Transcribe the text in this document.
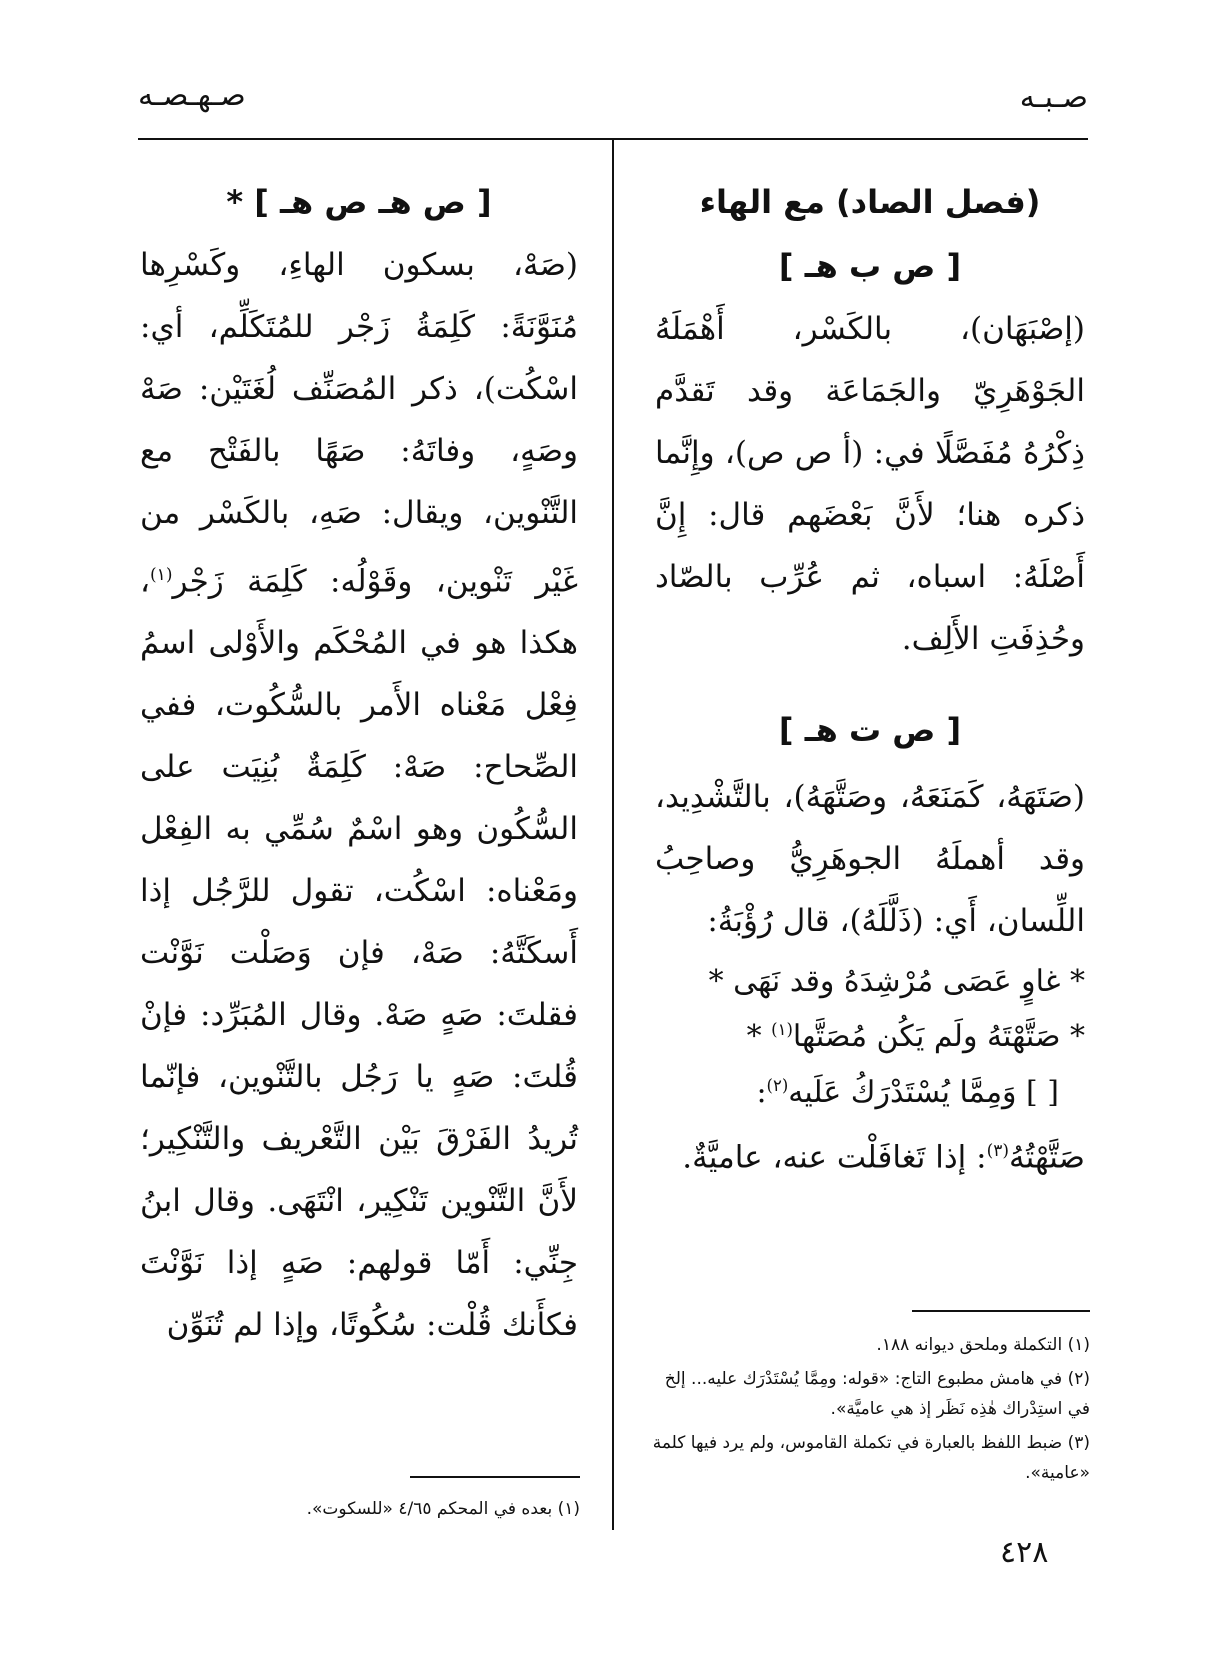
صـبـه
صـهـصـه

(فصل الصاد) مع الهاء

[ ص ب هـ ]

(إصْبَهَان)، بالكَسْر، أَهْمَلَهُ الجَوْهَرِيّ والجَمَاعَة وقد تَقدَّم ذِكْرُهُ مُفَصَّلًا في: (أ ص ص)، وإِنَّما ذكره هنا؛ لأَنَّ بَعْضَهم قال: إِنَّ أَصْلَهُ: اسباه، ثم عُرِّب بالصّاد وحُذِفَتِ الأَلِف.

[ ص ت هـ ]

(صَتَهَهُ، كَمَنَعَهُ، وصَتَّهَهُ)، بالتَّشْدِيد، وقد أهملَهُ الجوهَرِيُّ وصاحِبُ اللِّسان، أَي: (ذَلَّلَهُ)، قال رُؤْبَةُ:

* غاوٍ عَصَى مُرْشِدَهُ وقد نَهَى *

* صَتَّهْتَهُ ولَم يَكُن مُصَتَّها$^{(١)}$ *

[ ] وَمِمَّا يُسْتَدْرَكُ عَلَيه$^{(٢)}$:

صَتَّهْتُهُ$^{(٣)}$: إذا تَغافَلْت عنه، عاميَّةٌ.

(١) التكملة وملحق ديوانه ١٨٨.

(٢) في هامش مطبوع التاج: «قوله: ومِمَّا يُسْتَدْرَك عليه... إلخ في استِدْراك هٰذِه نَظَر إذ هي عاميَّة».

(٣) ضبط اللفظ بالعبارة في تكملة القاموس، ولم يرد فيها كلمة «عامية».

[ ص هـ ص هـ ] *

(صَهْ، بسكون الهاءِ، وكَسْرِها مُنَوَّنَةً: كَلِمَةُ زَجْر للمُتَكَلِّم، أي: اسْكُت)، ذكر المُصَنِّف لُغَتَيْن: صَهْ وصَهٍ، وفاتَهُ: صَهًا بالفَتْح مع التَّنْوين، ويقال: صَهِ، بالكَسْر من غَيْر تَنْوين، وقَوْلُه: كَلِمَة زَجْر$^{(١)}$، هكذا هو في المُحْكَم والأَوْلى اسمُ فِعْل مَعْناه الأَمر بالسُّكُوت، ففي الصِّحاح: صَهْ: كَلِمَةٌ بُنِيَت على السُّكُون وهو اسْمٌ سُمِّي به الفِعْل ومَعْناه: اسْكُت، تقول للرَّجُل إذا أَسكَتَّهُ: صَهْ، فإن وَصَلْت نَوَّنْت فقلتَ: صَهٍ صَهْ. وقال المُبَرِّد: فإنْ قُلتَ: صَهٍ يا رَجُل بالتَّنْوين، فإنّما تُريدُ الفَرْقَ بَيْن التَّعْريف والتَّنْكِير؛ لأَنَّ التَّنْوين تَنْكِير، انْتَهَى. وقال ابنُ جِنِّي: أَمّا قولهم: صَهٍ إذا نَوَّنْتَ فكأَنك قُلْت: سُكُوتًا، وإذا لم تُنَوِّن

(١) بعده في المحكم ٤/٦٥ «للسكوت».

٤٢٨
